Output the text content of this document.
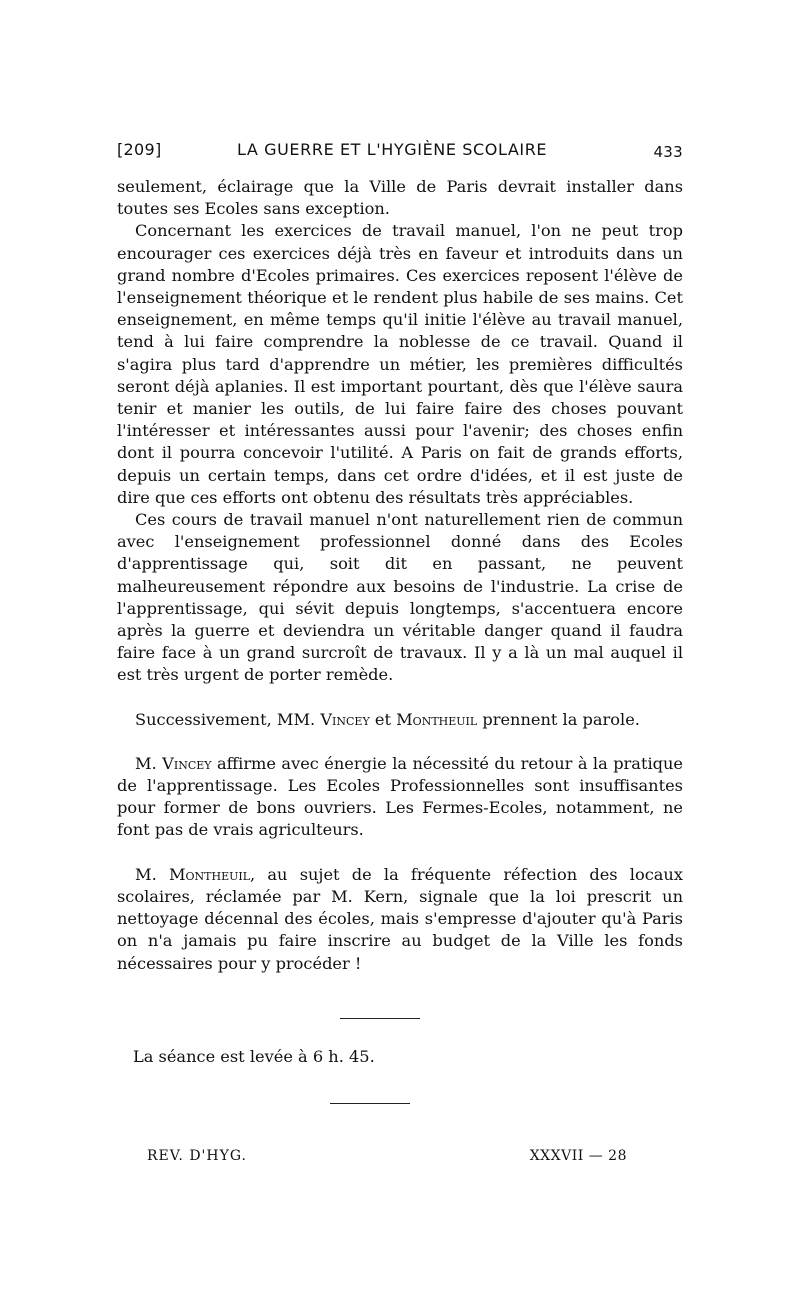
[209]	LA GUERRE ET L'HYGIÈNE SCOLAIRE	433

seulement, éclairage que la Ville de Paris devrait installer dans toutes ses Ecoles sans exception.

Concernant les exercices de travail manuel, l'on ne peut trop encourager ces exercices déjà très en faveur et introduits dans un grand nombre d'Ecoles primaires. Ces exercices reposent l'élève de l'enseignement théorique et le rendent plus habile de ses mains. Cet enseignement, en même temps qu'il initie l'élève au travail manuel, tend à lui faire comprendre la noblesse de ce travail. Quand il s'agira plus tard d'apprendre un métier, les premières difficultés seront déjà aplanies. Il est important pourtant, dès que l'élève saura tenir et manier les outils, de lui faire faire des choses pouvant l'intéresser et intéressantes aussi pour l'avenir; des choses enfin dont il pourra concevoir l'utilité. A Paris on fait de grands efforts, depuis un certain temps, dans cet ordre d'idées, et il est juste de dire que ces efforts ont obtenu des résultats très appréciables.

Ces cours de travail manuel n'ont naturellement rien de commun avec l'enseignement professionnel donné dans des Ecoles d'apprentissage qui, soit dit en passant, ne peuvent malheureusement répondre aux besoins de l'industrie. La crise de l'apprentissage, qui sévit depuis longtemps, s'accentuera encore après la guerre et deviendra un véritable danger quand il faudra faire face à un grand surcroît de travaux. Il y a là un mal auquel il est très urgent de porter remède.

Successivement, MM. Vincey et Montheuil prennent la parole.

M. Vincey affirme avec énergie la nécessité du retour à la pratique de l'apprentissage. Les Ecoles Professionnelles sont insuffisantes pour former de bons ouvriers. Les Fermes-Ecoles, notamment, ne font pas de vrais agriculteurs.

M. Montheuil, au sujet de la fréquente réfection des locaux scolaires, réclamée par M. Kern, signale que la loi prescrit un nettoyage décennal des écoles, mais s'empresse d'ajouter qu'à Paris on n'a jamais pu faire inscrire au budget de la Ville les fonds nécessaires pour y procéder !

La séance est levée à 6 h. 45.
REV. D'HYG.	XXXVII — 28
